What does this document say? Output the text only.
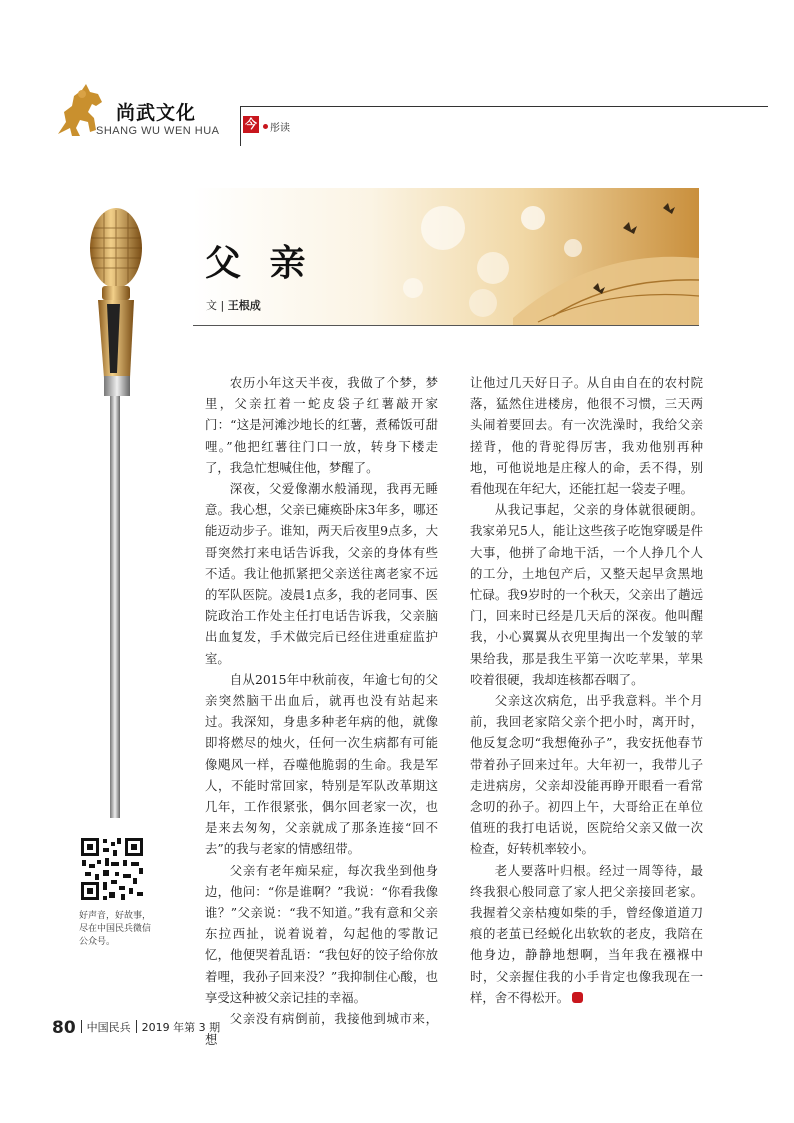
尚武文化
SHANG WU WEN HUA 今 彤读
父 亲
文 | 王根成

农历小年这天半夜，我做了个梦，梦里，父亲扛着一蛇皮袋子红薯敲开家门：“这是河滩沙地长的红薯，煮稀饭可甜哩。”他把红薯往门口一放，转身下楼走了，我急忙想喊住他，梦醒了。

深夜，父爱像潮水般涌现，我再无睡意。我心想，父亲已瘫痪卧床3年多，哪还能迈动步子。谁知，两天后夜里9点多，大哥突然打来电话告诉我，父亲的身体有些不适。我让他抓紧把父亲送往离老家不远的军队医院。凌晨1点多，我的老同事、医院政治工作处主任打电话告诉我，父亲脑出血复发，手术做完后已经住进重症监护室。

自从2015年中秋前夜，年逾七旬的父亲突然脑干出血后，就再也没有站起来过。我深知，身患多种老年病的他，就像即将燃尽的烛火，任何一次生病都有可能像飓风一样，吞噬他脆弱的生命。我是军人，不能时常回家，特别是军队改革期这几年，工作很紧张，偶尔回老家一次，也是来去匆匆，父亲就成了那条连接“回不去”的我与老家的情感纽带。

父亲有老年痴呆症，每次我坐到他身边，他问：“你是谁啊？”我说：“你看我像谁？”父亲说：“我不知道。”我有意和父亲东拉西扯，说着说着，勾起他的零散记忆，他便哭着乱语：“我包好的饺子给你放着哩，我孙子回来没？”我抑制住心酸，也享受这种被父亲记挂的幸福。

父亲没有病倒前，我接他到城市来，想

让他过几天好日子。从自由自在的农村院落，猛然住进楼房，他很不习惯，三天两头闹着要回去。有一次洗澡时，我给父亲搓背，他的背驼得厉害，我劝他别再种地，可他说地是庄稼人的命，丢不得，别看他现在年纪大，还能扛起一袋麦子哩。

从我记事起，父亲的身体就很硬朗。我家弟兄5人，能让这些孩子吃饱穿暖是件大事，他拼了命地干活，一个人挣几个人的工分，土地包产后，又整天起早贪黑地忙碌。我9岁时的一个秋天，父亲出了趟远门，回来时已经是几天后的深夜。他叫醒我，小心翼翼从衣兜里掏出一个发皱的苹果给我，那是我生平第一次吃苹果，苹果咬着很硬，我却连核都吞咽了。

父亲这次病危，出乎我意料。半个月前，我回老家陪父亲个把小时，离开时，他反复念叨“我想俺孙子”，我安抚他春节带着孙子回来过年。大年初一，我带儿子走进病房，父亲却没能再睁开眼看一看常念叨的孙子。初四上午，大哥给正在单位值班的我打电话说，医院给父亲又做一次检查，好转机率较小。

老人要落叶归根。经过一周等待，最终我狠心般同意了家人把父亲接回老家。我握着父亲枯瘦如柴的手，曾经像道道刀痕的老茧已经蜕化出软软的老皮，我陪在他身边，静静地想啊，当年我在襁褓中时，父亲握住我的小手肯定也像我现在一样，舍不得松开。

好声音，好故事，尽在中国民兵微信公众号。
80 中国民兵 2019 年第 3 期
